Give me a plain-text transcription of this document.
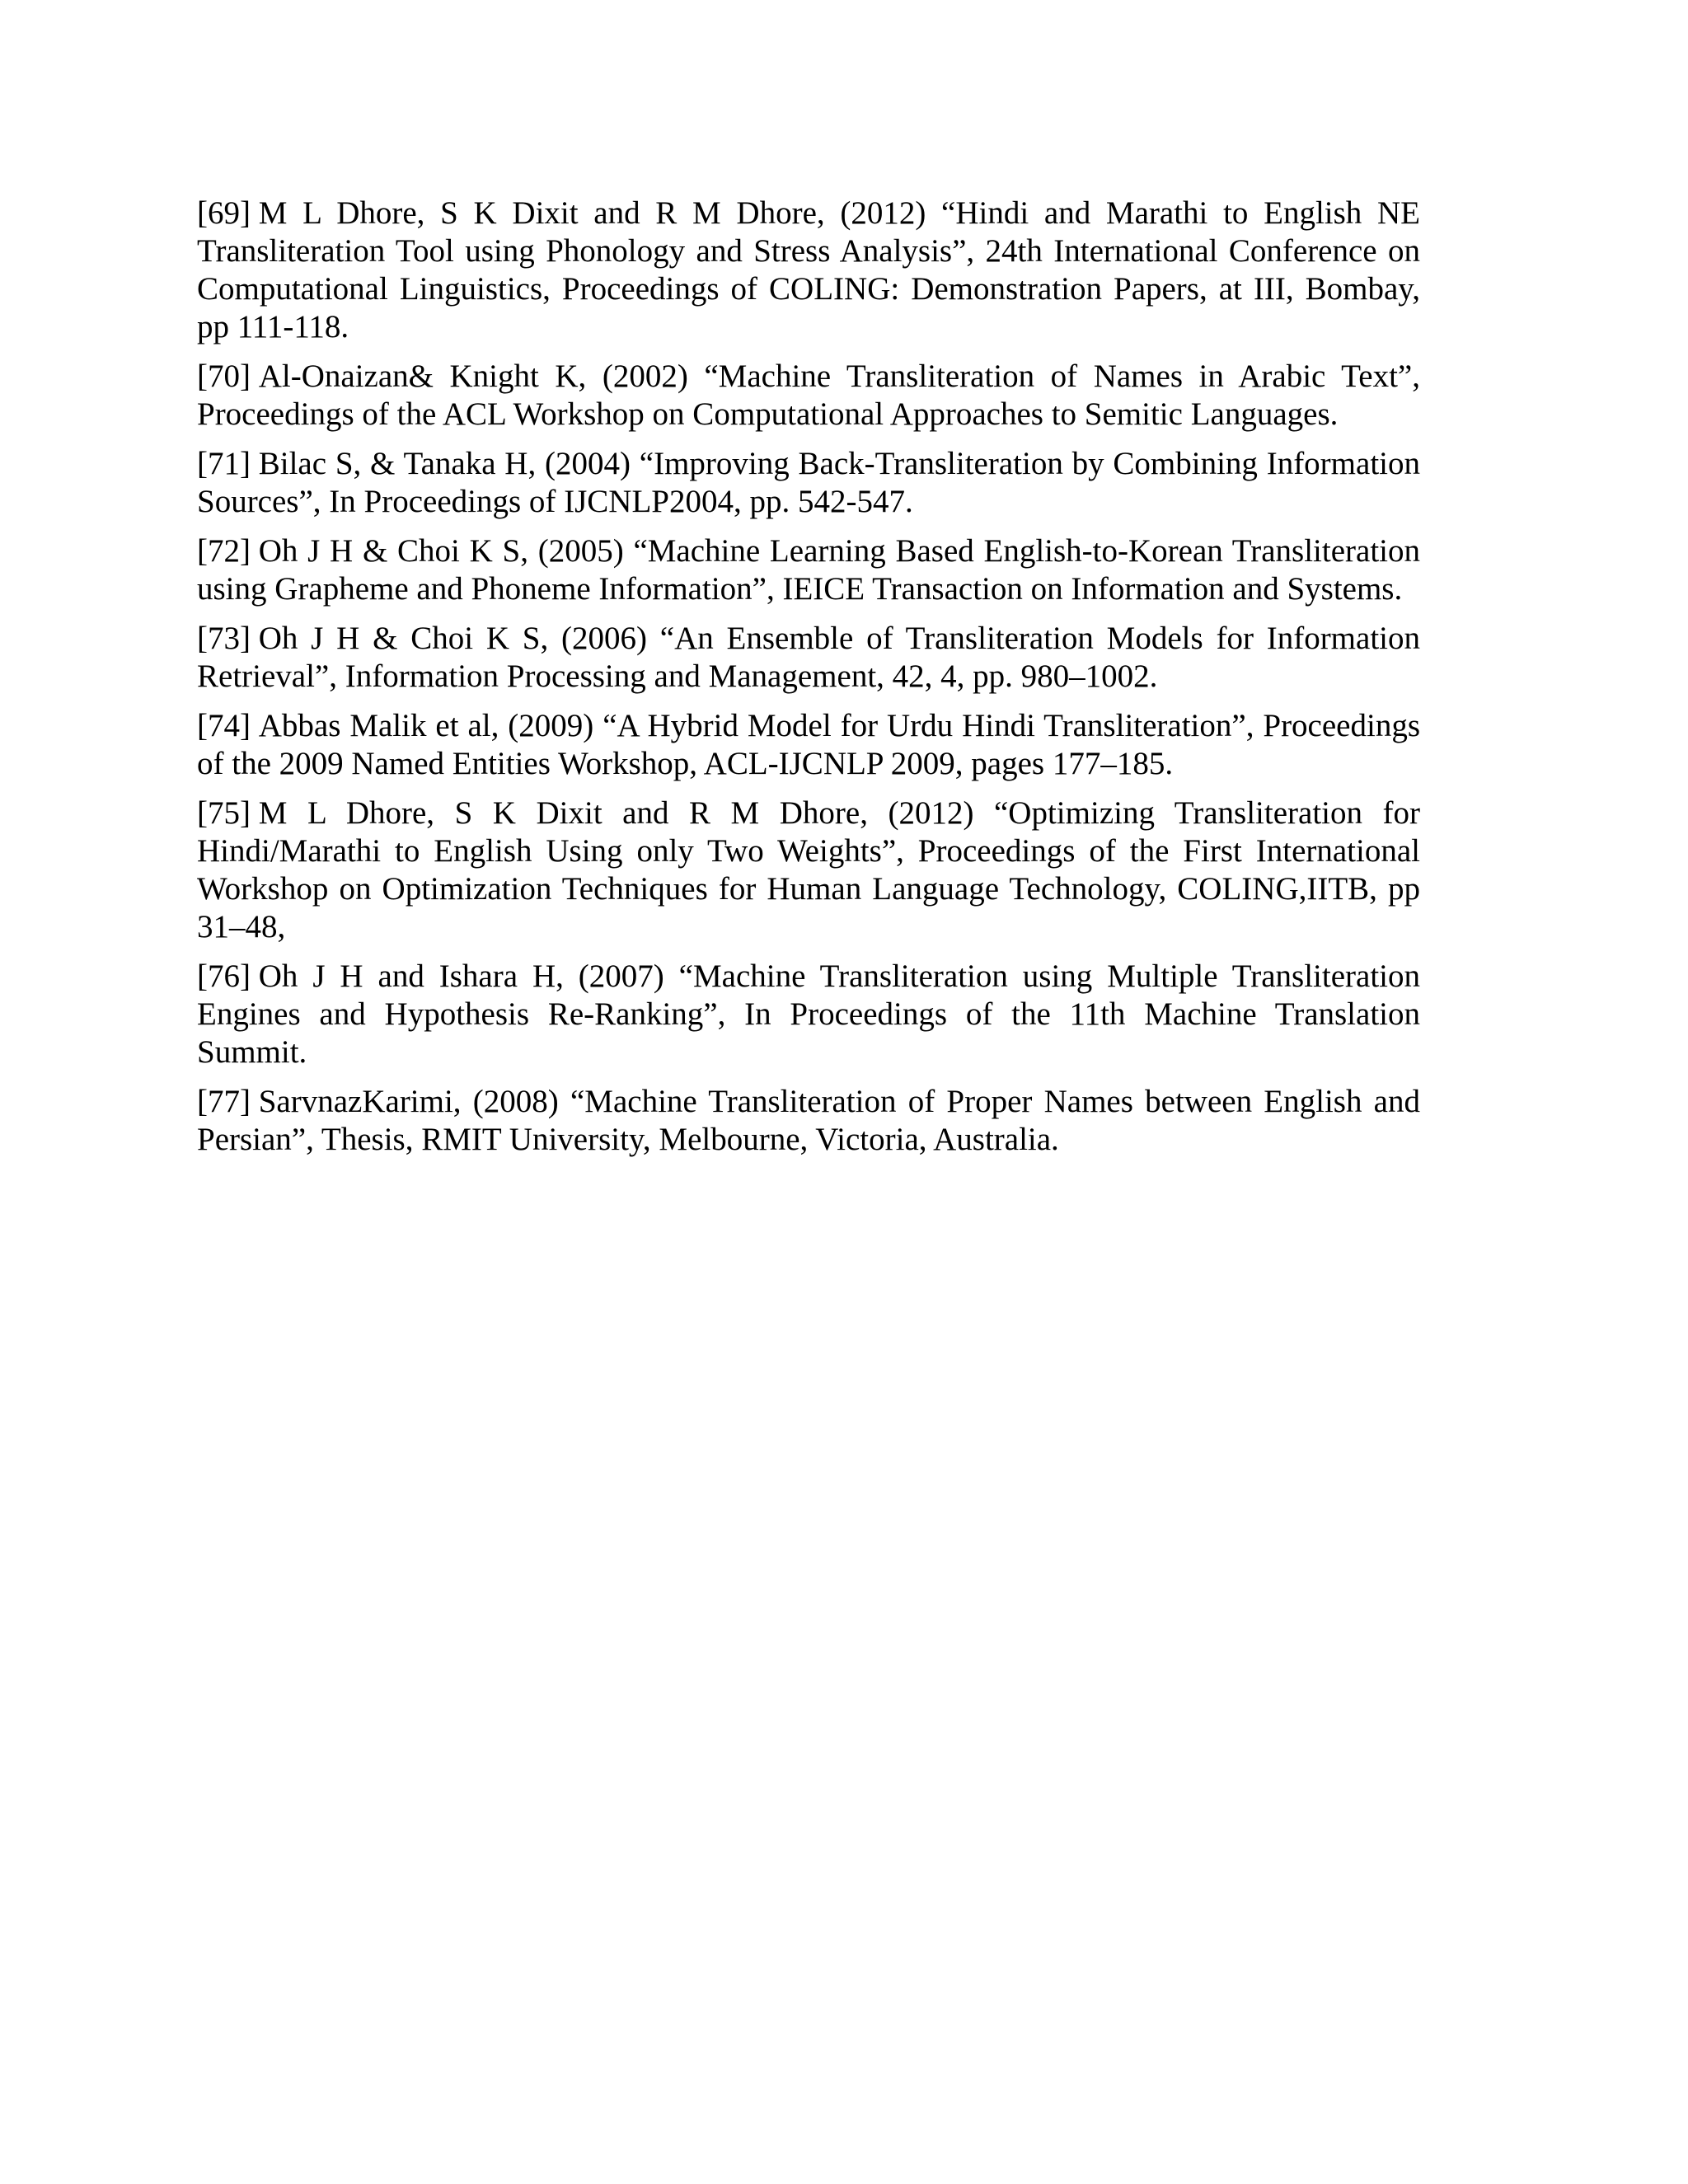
[69] M L Dhore, S K Dixit and R M Dhore, (2012) “Hindi and Marathi to English NE Transliteration Tool using Phonology and Stress Analysis”, 24th International Conference on Computational Linguistics, Proceedings of COLING: Demonstration Papers, at III, Bombay, pp 111-118.

[70] Al-Onaizan& Knight K, (2002) “Machine Transliteration of Names in Arabic Text”, Proceedings of the ACL Workshop on Computational Approaches to Semitic Languages.

[71] Bilac S, & Tanaka H, (2004) “Improving Back-Transliteration by Combining Information Sources”, In Proceedings of IJCNLP2004, pp. 542-547.

[72] Oh J H & Choi K S, (2005) “Machine Learning Based English-to-Korean Transliteration using Grapheme and Phoneme Information”, IEICE Transaction on Information and Systems.

[73] Oh J H & Choi K S, (2006) “An Ensemble of Transliteration Models for Information Retrieval”, Information Processing and Management, 42, 4, pp. 980–1002.

[74] Abbas Malik et al, (2009) “A Hybrid Model for Urdu Hindi Transliteration”, Proceedings of the 2009 Named Entities Workshop, ACL-IJCNLP 2009, pages 177–185.

[75] M L Dhore, S K Dixit and R M Dhore, (2012) “Optimizing Transliteration for Hindi/Marathi to English Using only Two Weights”, Proceedings of the First International Workshop on Optimization Techniques for Human Language Technology, COLING,IITB, pp 31–48,

[76] Oh J H and Ishara H, (2007) “Machine Transliteration using Multiple Transliteration Engines and Hypothesis Re-Ranking”, In Proceedings of the 11th Machine Translation Summit.

[77] SarvnazKarimi, (2008) “Machine Transliteration of Proper Names between English and Persian”, Thesis, RMIT University, Melbourne, Victoria, Australia.
